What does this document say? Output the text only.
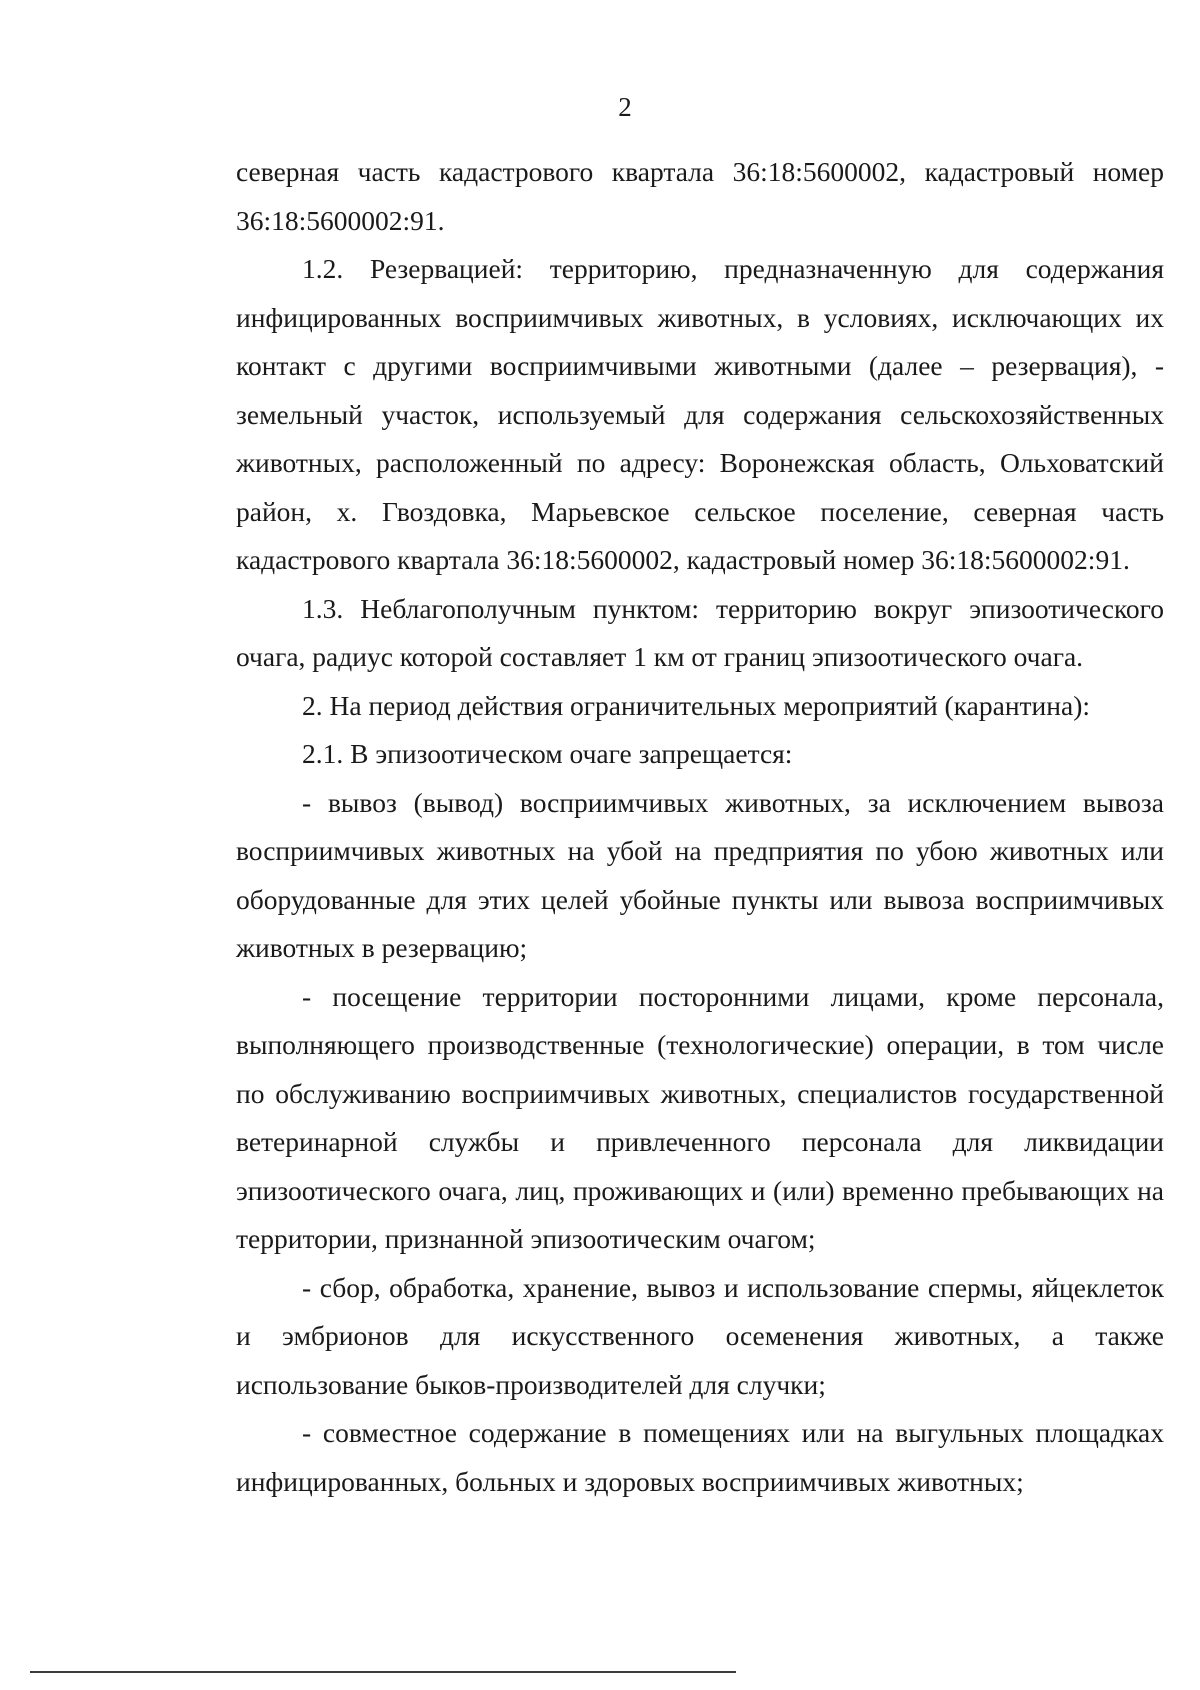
2

северная часть кадастрового квартала 36:18:5600002, кадастровый номер 36:18:5600002:91.

1.2. Резервацией: территорию, предназначенную для содержания инфицированных восприимчивых животных, в условиях, исключающих их контакт с другими восприимчивыми животными (далее – резервация), - земельный участок, используемый для содержания сельскохозяйственных животных, расположенный по адресу: Воронежская область, Ольховатский район, х. Гвоздовка, Марьевское сельское поселение, северная часть кадастрового квартала 36:18:5600002, кадастровый номер 36:18:5600002:91.

1.3. Неблагополучным пунктом: территорию вокруг эпизоотического очага, радиус которой составляет 1 км от границ эпизоотического очага.

2. На период действия ограничительных мероприятий (карантина):

2.1. В эпизоотическом очаге запрещается:

- вывоз (вывод) восприимчивых животных, за исключением вывоза восприимчивых животных на убой на предприятия по убою животных или оборудованные для этих целей убойные пункты или вывоза восприимчивых животных в резервацию;

- посещение территории посторонними лицами, кроме персонала, выполняющего производственные (технологические) операции, в том числе по обслуживанию восприимчивых животных, специалистов государственной ветеринарной службы и привлеченного персонала для ликвидации эпизоотического очага, лиц, проживающих и (или) временно пребывающих на территории, признанной эпизоотическим очагом;

- сбор, обработка, хранение, вывоз и использование спермы, яйцеклеток и эмбрионов для искусственного осеменения животных, а также использование быков-производителей для случки;

- совместное содержание в помещениях или на выгульных площадках инфицированных, больных и здоровых восприимчивых животных;
